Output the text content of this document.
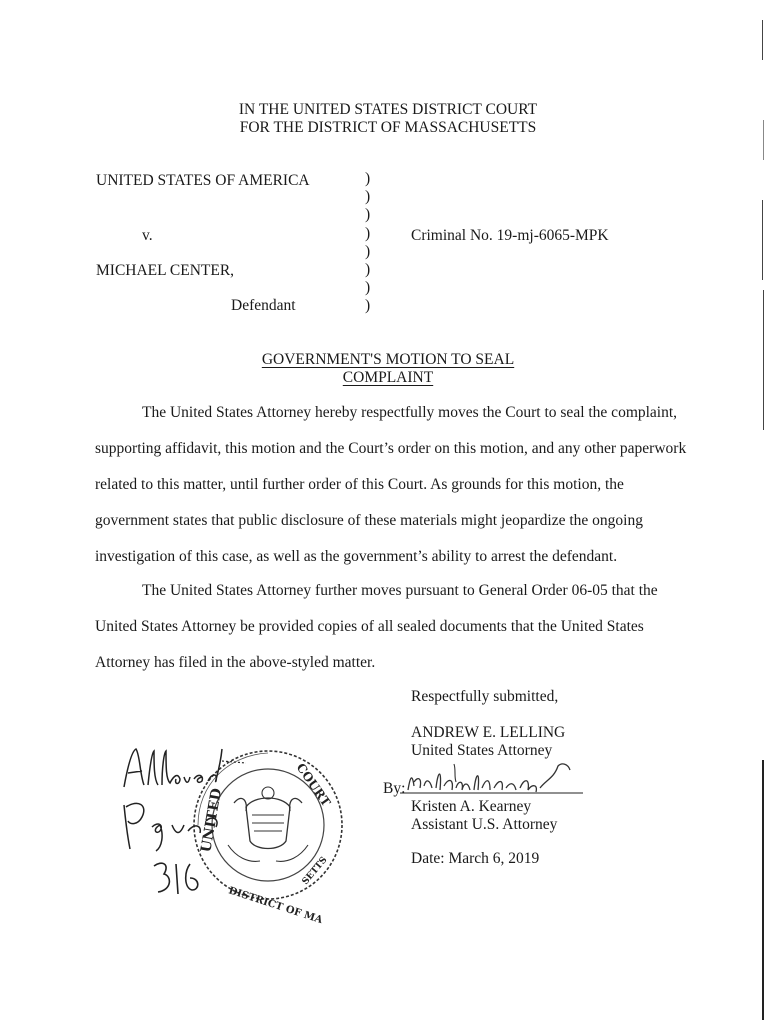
IN THE UNITED STATES DISTRICT COURT
FOR THE DISTRICT OF MASSACHUSETTS
UNITED STATES OF AMERICA
v.
MICHAEL CENTER,
Defendant
Criminal No. 19-mj-6065-MPK
)
)
)
)
)
)
)
)
GOVERNMENT'S MOTION TO SEAL
COMPLAINT
The United States Attorney hereby respectfully moves the Court to seal the complaint,
supporting affidavit, this motion and the Court’s order on this motion, and any other paperwork
related to this matter, until further order of this Court. As grounds for this motion, the
government states that public disclosure of these materials might jeopardize the ongoing
investigation of this case, as well as the government’s ability to arrest the defendant.
The United States Attorney further moves pursuant to General Order 06-05 that the
United States Attorney be provided copies of all sealed documents that the United States
Attorney has filed in the above-styled matter.
Respectfully submitted,
ANDREW E. LELLING
United States Attorney
By:
Kristen A. Kearney
Assistant U.S. Attorney
Date: March 6, 2019
UNITED
COURT
DISTRICT OF MA
SETTS
